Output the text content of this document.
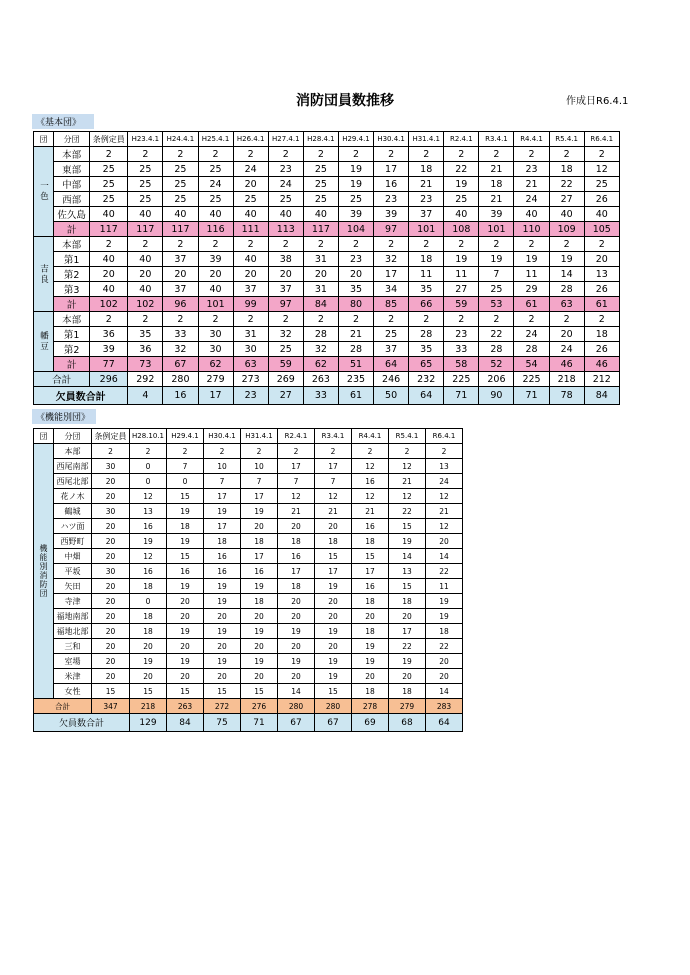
消防団員数推移	作成日R6.4.1
《基本団》
団	分団	条例定員	H23.4.1	H24.4.1	H25.4.1	H26.4.1	H27.4.1	H28.4.1	H29.4.1	H30.4.1	H31.4.1	R2.4.1	R3.4.1	R4.4.1	R5.4.1	R6.4.1
一色	本部	2	2	2	2	2	2	2	2	2	2	2	2	2	2	2
	東部	25	25	25	25	24	23	25	19	17	18	22	21	23	18	12
	中部	25	25	25	24	20	24	25	19	16	21	19	18	21	22	25
	西部	25	25	25	25	25	25	25	25	23	23	25	21	24	27	26
	佐久島	40	40	40	40	40	40	40	39	39	37	40	39	40	40	40
	計	117	117	117	116	111	113	117	104	97	101	108	101	110	109	105
吉良	本部	2	2	2	2	2	2	2	2	2	2	2	2	2	2	2
	第1	40	40	37	39	40	38	31	23	32	18	19	19	19	19	20
	第2	20	20	20	20	20	20	20	20	17	11	11	7	11	14	13
	第3	40	40	37	40	37	37	31	35	34	35	27	25	29	28	26
	計	102	102	96	101	99	97	84	80	85	66	59	53	61	63	61
幡豆	本部	2	2	2	2	2	2	2	2	2	2	2	2	2	2	2
	第1	36	35	33	30	31	32	28	21	25	28	23	22	24	20	18
	第2	39	36	32	30	30	25	32	28	37	35	33	28	28	24	26
	計	77	73	67	62	63	59	62	51	64	65	58	52	54	46	46
合計		296	292	280	279	273	269	263	235	246	232	225	206	225	218	212
欠員数合計			4	16	17	23	27	33	61	50	64	71	90	71	78	84
《機能別団》
団	分団	条例定員	H28.10.1	H29.4.1	H30.4.1	H31.4.1	R2.4.1	R3.4.1	R4.4.1	R5.4.1	R6.4.1
機能別消防団	本部	2	2	2	2	2	2	2	2	2	2
	西尾南部	30	0	7	10	10	17	17	12	12	13
	西尾北部	20	0	0	7	7	7	7	16	21	24
	花ノ木	20	12	15	17	17	12	12	12	12	12
	鶴城	30	13	19	19	19	21	21	21	22	21
	ハツ面	20	16	18	17	20	20	20	16	15	12
	西野町	20	19	19	18	18	18	18	18	19	20
	中畑	20	12	15	16	17	16	15	15	14	14
	平坂	30	16	16	16	16	17	17	17	13	22
	矢田	20	18	19	19	19	18	19	16	15	11
	寺津	20	0	20	19	18	20	20	18	18	19
	福地南部	20	18	20	20	20	20	20	20	20	19
	福地北部	20	18	19	19	19	19	19	18	17	18
	三和	20	20	20	20	20	20	20	19	22	22
	室場	20	19	19	19	19	19	19	19	19	20
	米津	20	20	20	20	20	20	19	20	20	20
	女性	15	15	15	15	15	14	15	18	18	14
合計		347	218	263	272	276	280	280	278	279	283
欠員数合計			129	84	75	71	67	67	69	68	64
